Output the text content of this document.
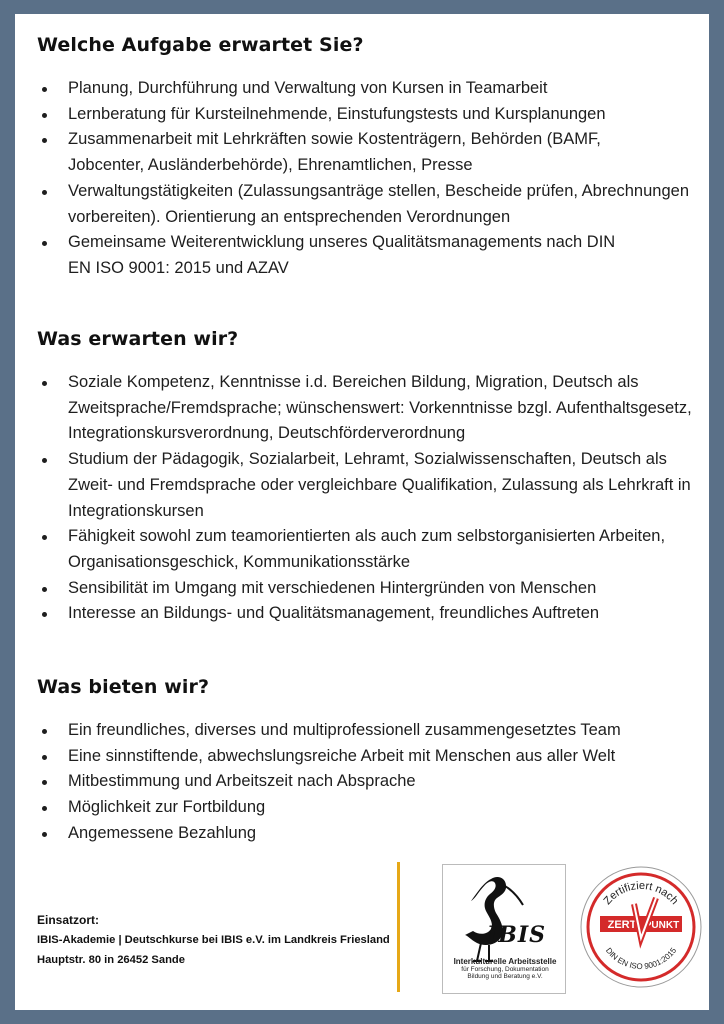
Welche Aufgabe erwartet Sie?
Planung, Durchführung und Verwaltung von Kursen in Teamarbeit
Lernberatung für Kursteilnehmende, Einstufungstests und Kursplanungen
Zusammenarbeit mit Lehrkräften sowie Kostenträgern, Behörden (BAMF, Jobcenter, Ausländerbehörde), Ehrenamtlichen, Presse
Verwaltungstätigkeiten (Zulassungsanträge stellen, Bescheide prüfen, Abrechnungen vorbereiten). Orientierung an entsprechenden Verordnungen
Gemeinsame Weiterentwicklung unseres Qualitätsmanagements nach DIN EN ISO 9001: 2015 und AZAV
Was erwarten wir?
Soziale Kompetenz, Kenntnisse i.d. Bereichen Bildung, Migration, Deutsch als Zweitsprache/Fremdsprache; wünschenswert: Vorkenntnisse bzgl. Aufenthaltsgesetz, Integrationskursverordnung, Deutschförderverordnung
Studium der Pädagogik, Sozialarbeit, Lehramt, Sozialwissenschaften, Deutsch als Zweit- und Fremdsprache oder vergleichbare Qualifikation, Zulassung als Lehrkraft in Integrationskursen
Fähigkeit sowohl zum teamorientierten als auch zum selbstorganisierten Arbeiten, Organisationsgeschick, Kommunikationsstärke
Sensibilität im Umgang mit verschiedenen Hintergründen von Menschen
Interesse an Bildungs- und Qualitätsmanagement, freundliches Auftreten
Was bieten wir?
Ein freundliches, diverses und multiprofessionell zusammengesetztes Team
Eine sinnstiftende, abwechslungsreiche Arbeit mit Menschen aus aller Welt
Mitbestimmung und Arbeitszeit nach Absprache
Möglichkeit zur Fortbildung
Angemessene Bezahlung
Einsatzort:
IBIS-Akademie | Deutschkurse bei IBIS e.V. im Landkreis Friesland
Hauptstr. 80 in 26452 Sande
IBIS
Interkulturelle Arbeitsstelle
für Forschung, Dokumentation
Bildung und Beratung e.V.
Zertifiziert nach
ZERT PUNKT
DIN EN ISO 9001:2015
